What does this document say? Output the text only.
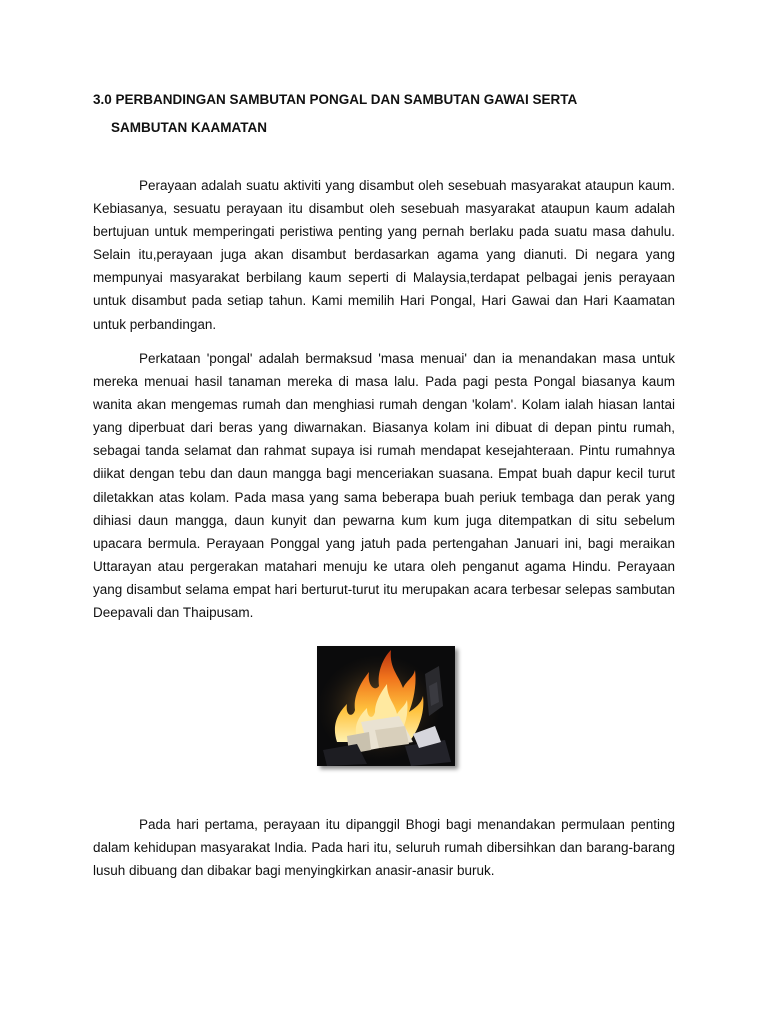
3.0 PERBANDINGAN SAMBUTAN PONGAL DAN SAMBUTAN GAWAI SERTA
SAMBUTAN KAAMATAN

Perayaan adalah suatu aktiviti yang disambut oleh sesebuah masyarakat ataupun kaum. Kebiasanya, sesuatu perayaan itu disambut oleh sesebuah masyarakat ataupun kaum adalah bertujuan untuk memperingati peristiwa penting yang pernah berlaku pada suatu masa dahulu. Selain itu,perayaan juga akan disambut berdasarkan agama yang dianuti. Di negara yang mempunyai masyarakat berbilang kaum seperti di Malaysia,terdapat pelbagai jenis perayaan untuk disambut pada setiap tahun. Kami memilih Hari Pongal, Hari Gawai dan Hari Kaamatan untuk perbandingan.

Perkataan 'pongal' adalah bermaksud 'masa menuai' dan ia menandakan masa untuk mereka menuai hasil tanaman mereka di masa lalu. Pada pagi pesta Pongal biasanya kaum wanita akan mengemas rumah dan menghiasi rumah dengan 'kolam'. Kolam ialah hiasan lantai yang diperbuat dari beras yang diwarnakan. Biasanya kolam ini dibuat di depan pintu rumah, sebagai tanda selamat dan rahmat supaya isi rumah mendapat kesejahteraan. Pintu rumahnya diikat dengan tebu dan daun mangga bagi menceriakan suasana. Empat buah dapur kecil turut diletakkan atas kolam. Pada masa yang sama beberapa buah periuk tembaga dan perak yang dihiasi daun mangga, daun kunyit dan pewarna kum kum juga ditempatkan di situ sebelum upacara bermula. Perayaan Ponggal yang jatuh pada pertengahan Januari ini, bagi meraikan Uttarayan atau pergerakan matahari menuju ke utara oleh penganut agama Hindu. Perayaan yang disambut selama empat hari berturut-turut itu merupakan acara terbesar selepas sambutan Deepavali dan Thaipusam.

Pada hari pertama, perayaan itu dipanggil Bhogi bagi menandakan permulaan penting dalam kehidupan masyarakat India. Pada hari itu, seluruh rumah dibersihkan dan barang-barang lusuh dibuang dan dibakar bagi menyingkirkan anasir-anasir buruk.
